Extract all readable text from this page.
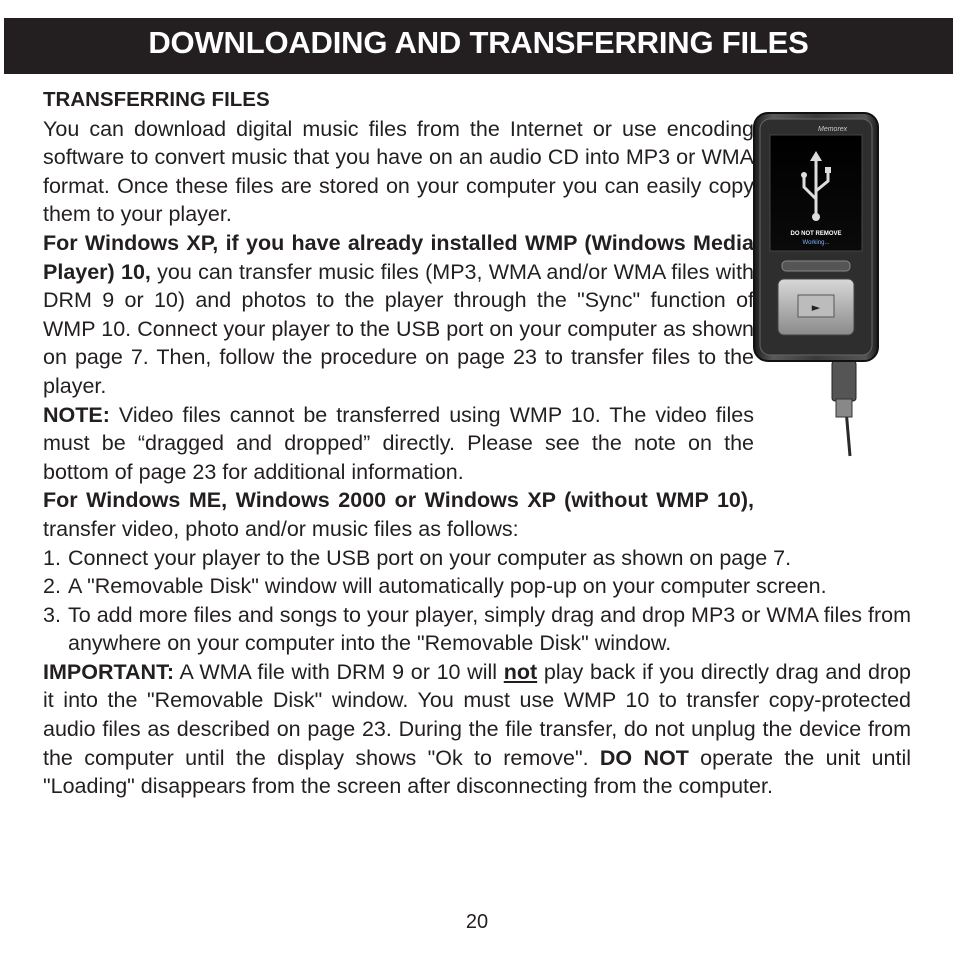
DOWNLOADING AND TRANSFERRING FILES
Memorex
DO NOT REMOVE
Working...
►

TRANSFERRING FILES

You can download digital music files from the Internet or use encoding software to convert music that you have on an audio CD into MP3 or WMA format. Once these files are stored on your computer you can easily copy them to your player.

For Windows XP, if you have already installed WMP (Windows Media Player) 10, you can transfer music files (MP3, WMA and/or WMA files with DRM 9 or 10) and photos to the player through the "Sync" function of WMP 10. Connect your player to the USB port on your computer as shown on page 7. Then, follow the procedure on page 23 to transfer files to the player.

NOTE: Video files cannot be transferred using WMP 10. The video files must be “dragged and dropped” directly. Please see the note on the bottom of page 23 for additional information.

For Windows ME, Windows 2000 or Windows XP (without WMP 10), transfer video, photo and/or music files as follows:

1. Connect your player to the USB port on your computer as shown on page 7.
2. A "Removable Disk" window will automatically pop-up on your computer screen.
3. To add more files and songs to your player, simply drag and drop MP3 or WMA files from anywhere on your computer into the "Removable Disk" window.

IMPORTANT: A WMA file with DRM 9 or 10 will not play back if you directly drag and drop it into the "Removable Disk" window. You must use WMP 10 to transfer copy-protected audio files as described on page 23. During the file transfer, do not unplug the device from the computer until the display shows "Ok to remove". DO NOT operate the unit until "Loading" disappears from the screen after disconnecting from the computer.

20
